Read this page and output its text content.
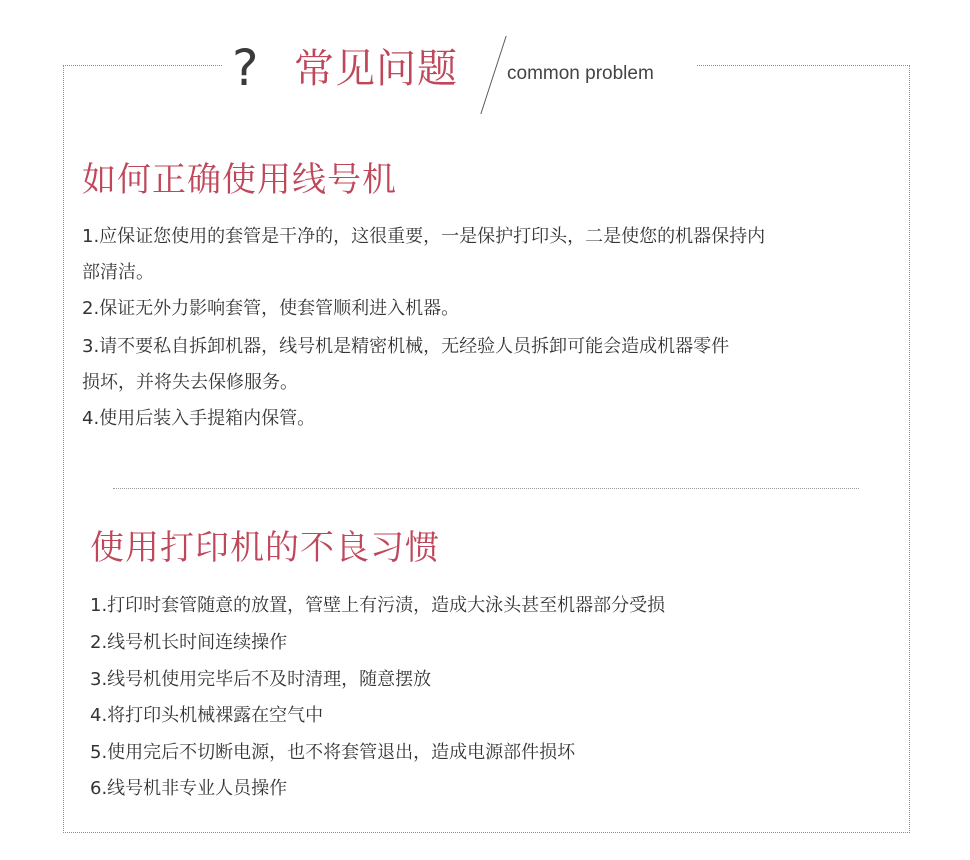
? 常见问题	common problem
如何正确使用线号机
1.应保证您使用的套管是干净的，这很重要，一是保护打印头，二是使您的机器保持内
部清洁。
2.保证无外力影响套管，使套管顺利进入机器。
3.请不要私自拆卸机器，线号机是精密机械，无经验人员拆卸可能会造成机器零件
损坏，并将失去保修服务。
4.使用后装入手提箱内保管。
使用打印机的不良习惯
1.打印时套管随意的放置，管壁上有污渍，造成大泳头甚至机器部分受损
2.线号机长时间连续操作
3.线号机使用完毕后不及时清理，随意摆放
4.将打印头机械裸露在空气中
5.使用完后不切断电源，也不将套管退出，造成电源部件损坏
6.线号机非专业人员操作
